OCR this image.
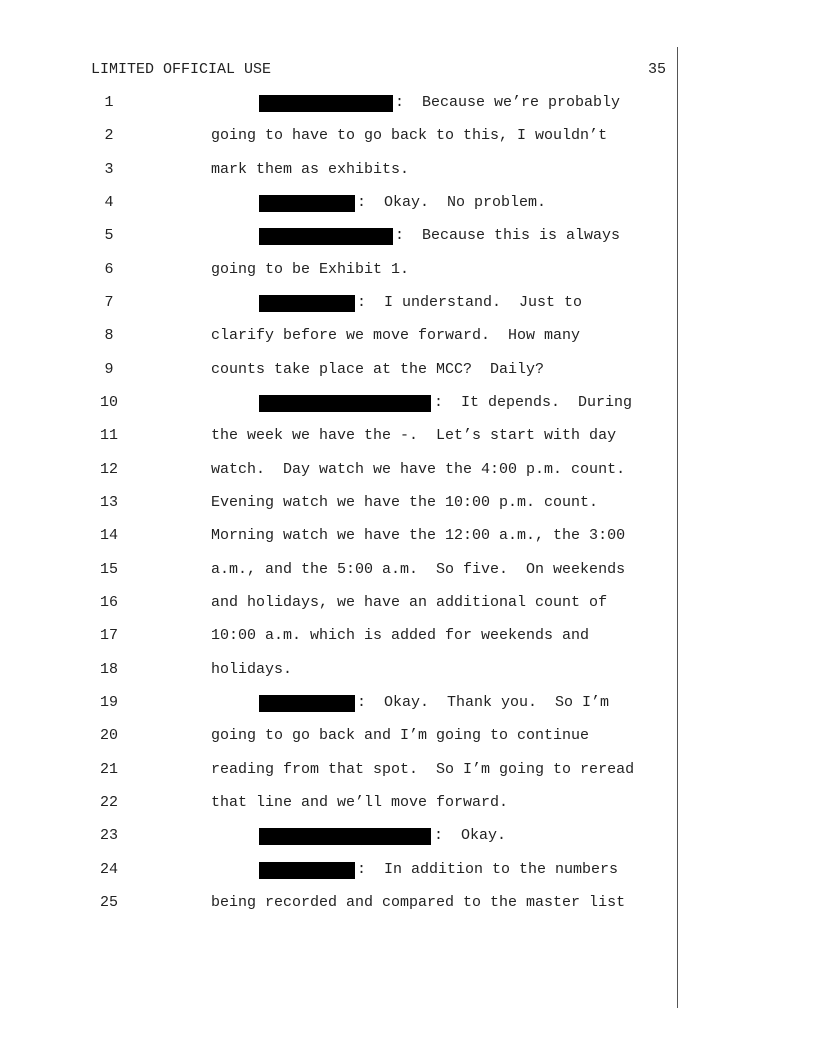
LIMITED OFFICIAL USE	35
1	:  Because we’re probably
2	going to have to go back to this, I wouldn’t
3	mark them as exhibits.
4	:  Okay.  No problem.
5	:  Because this is always
6	going to be Exhibit 1.
7	:  I understand.  Just to
8	clarify before we move forward.  How many
9	counts take place at the MCC?  Daily?
10	:  It depends.  During
11	the week we have the -.  Let’s start with day
12	watch.  Day watch we have the 4:00 p.m. count.
13	Evening watch we have the 10:00 p.m. count.
14	Morning watch we have the 12:00 a.m., the 3:00
15	a.m., and the 5:00 a.m.  So five.  On weekends
16	and holidays, we have an additional count of
17	10:00 a.m. which is added for weekends and
18	holidays.
19	:  Okay.  Thank you.  So I’m
20	going to go back and I’m going to continue
21	reading from that spot.  So I’m going to reread
22	that line and we’ll move forward.
23	:  Okay.
24	:  In addition to the numbers
25	being recorded and compared to the master list
